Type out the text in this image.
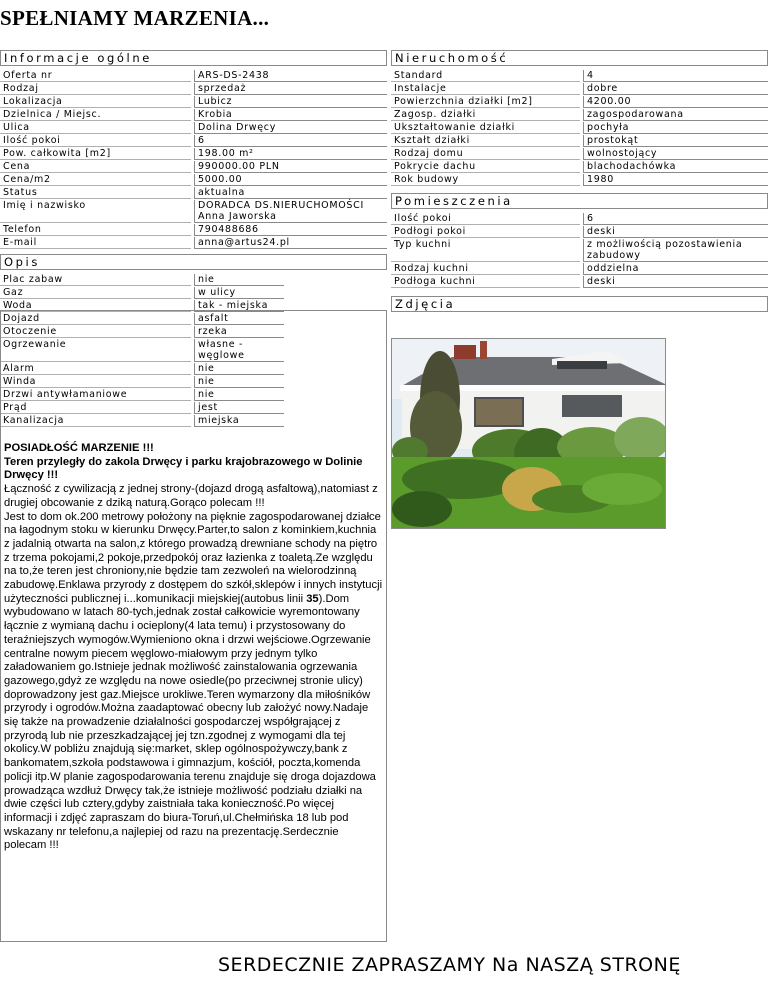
SPEŁNIAMY MARZENIA...
Informacje ogólne
Oferta nr		ARS-DS-2438
Rodzaj		sprzedaż
Lokalizacja		Lubicz
Dzielnica / Miejsc.		Krobia
Ulica		Dolina Drwęcy
Ilość pokoi		6
Pow. całkowita [m2]		198.00 m²
Cena		990000.00 PLN
Cena/m2		5000.00
Status		aktualna
Imię i nazwisko		DORADCA DS.NIERUCHOMOŚCI
Anna Jaworska
Telefon		790488686
E-mail		anna@artus24.pl
Opis
Plac zabaw		nie	
Gaz		w ulicy	
Woda		tak - miejska	
Dojazd		asfalt	
Otoczenie		rzeka	
Ogrzewanie		własne - węglowe	
Alarm		nie	
Winda		nie	
Drzwi antywłamaniowe		nie	
Prąd		jest	
Kanalizacja		miejska	
POSIADŁOŚĆ MARZENIE !!!
Teren przyległy do zakola Drwęcy i parku krajobrazowego w Dolinie Drwęcy !!!
Łączność z cywilizacją z jednej strony-(dojazd drogą asfaltową),natomiast z drugiej obcowanie z dziką naturą.Gorąco polecam !!!
Jest to dom ok.200 metrowy położony na pięknie zagospodarowanej działce na łagodnym stoku w kierunku Drwęcy.Parter,to salon z kominkiem,kuchnia z jadalnią otwarta na salon,z którego prowadzą drewniane schody na piętro z trzema pokojami,2 pokoje,przedpokój oraz łazienka z toaletą.Ze względu na to,że teren jest chroniony,nie będzie tam zezwoleń na wielorodzinną zabudowę.Enklawa przyrody z dostępem do szkół,sklepów i innych instytucji użyteczności publicznej i...komunikacji miejskiej(autobus linii 35).Dom wybudowano w latach 80-tych,jednak został całkowicie wyremontowany łącznie z wymianą dachu i ocieplony(4 lata temu) i przystosowany do teraźniejszych wymogów.Wymieniono okna i drzwi wejściowe.Ogrzewanie centralne nowym piecem węglowo-miałowym przy jednym tylko załadowaniem go.Istnieje jednak możliwość zainstalowania ogrzewania gazowego,gdyż ze względu na nowe osiedle(po przeciwnej stronie ulicy) doprowadzony jest gaz.Miejsce urokliwe.Teren wymarzony dla miłośników przyrody i ogrodów.Można zaadaptować obecny lub założyć nowy.Nadaje się także na prowadzenie działalności gospodarczej współgrającej z przyrodą lub nie przeszkadzającej jej tzn.zgodnej z wymogami dla tej okolicy.W pobliżu znajdują się:market, sklep ogólnospożywczy,bank z bankomatem,szkoła podstawowa i gimnazjum, kościół, poczta,komenda policji itp.W planie zagospodarowania terenu znajduje się droga dojazdowa prowadząca wzdłuż Drwęcy tak,że istnieje możliwość podziału działki na dwie części lub cztery,gdyby zaistniała taka konieczność.Po więcej informacji i zdjęć zapraszam do biura-Toruń,ul.Chełmińska 18 lub pod wskazany nr telefonu,a najlepiej od razu na prezentację.Serdecznie polecam !!!
Nieruchomość
Standard		4
Instalacje		dobre
Powierzchnia działki [m2]		4200.00
Zagosp. działki		zagospodarowana
Ukształtowanie działki		pochyła
Kształt działki		prostokąt
Rodzaj domu		wolnostojący
Pokrycie dachu		blachodachówka
Rok budowy		1980
Pomieszczenia
Ilość pokoi		6
Podłogi pokoi		deski
Typ kuchni		z możliwością pozostawienia zabudowy
Rodzaj kuchni		oddzielna
Podłoga kuchni		deski
Zdjęcia
SERDECZNIE ZAPRASZAMY Na NASZĄ STRONĘ
